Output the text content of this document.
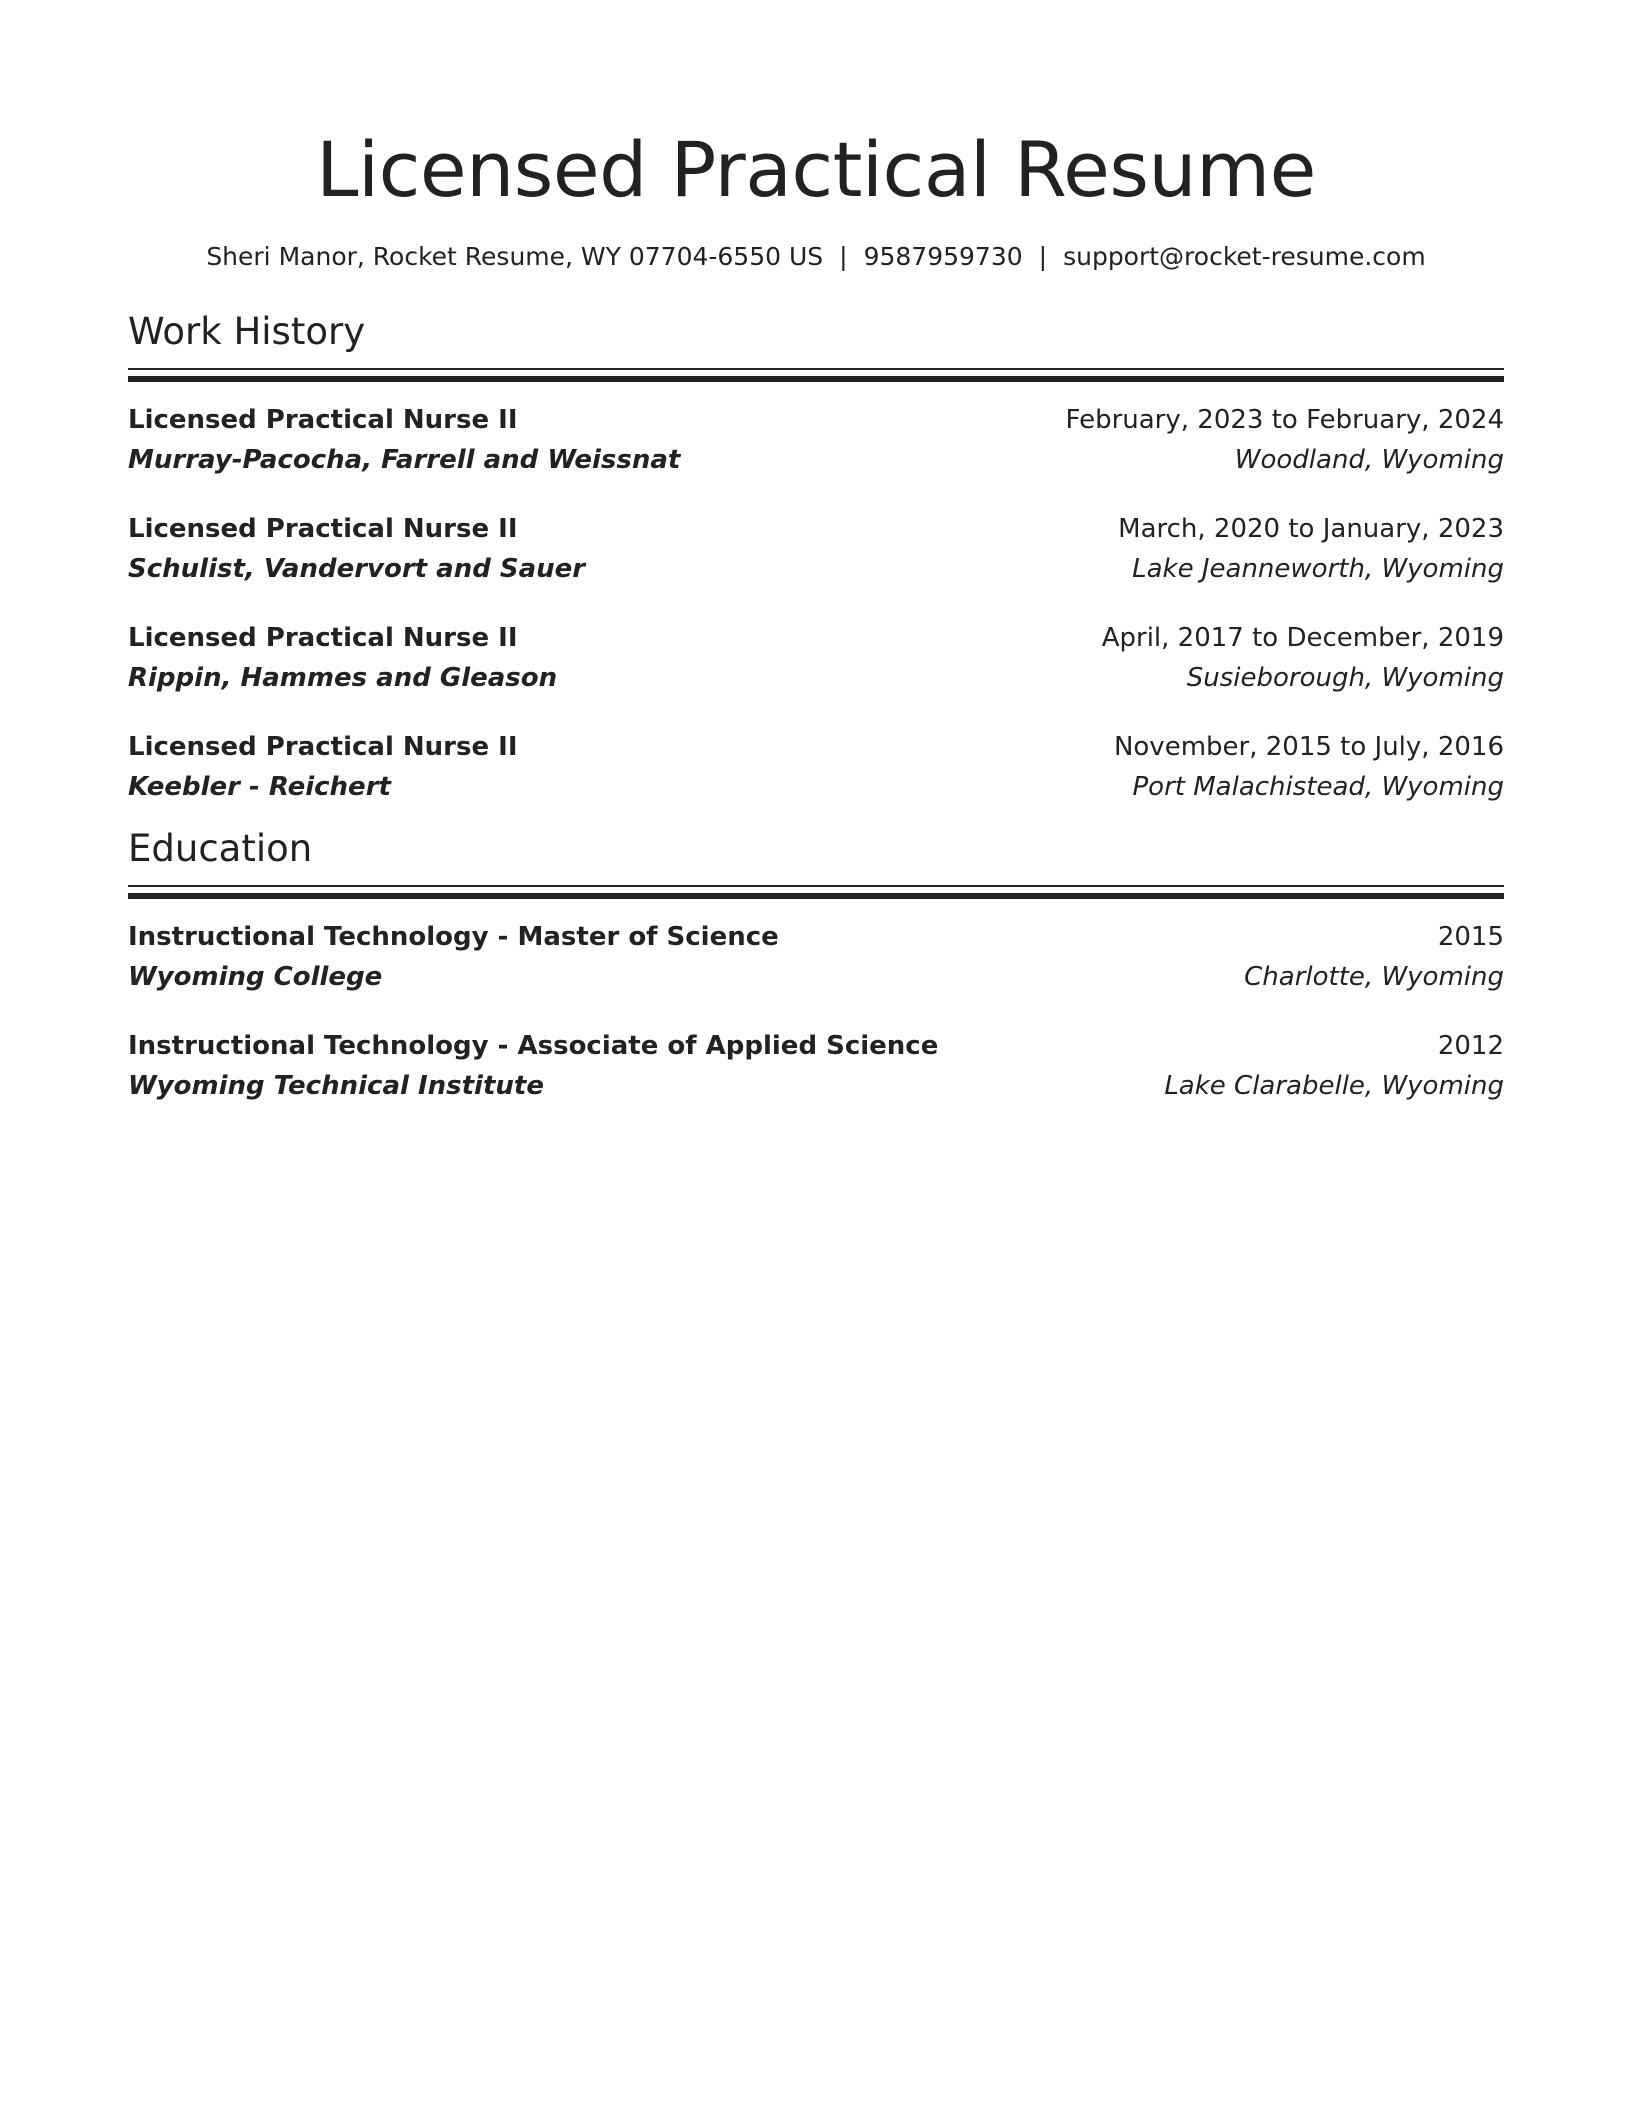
Licensed Practical Resume
Sheri Manor, Rocket Resume, WY 07704-6550 US | 9587959730 | support@rocket-resume.com
Work History
Licensed Practical Nurse II	February, 2023 to February, 2024
Murray-Pacocha, Farrell and Weissnat	Woodland, Wyoming
Licensed Practical Nurse II	March, 2020 to January, 2023
Schulist, Vandervort and Sauer	Lake Jeanneworth, Wyoming
Licensed Practical Nurse II	April, 2017 to December, 2019
Rippin, Hammes and Gleason	Susieborough, Wyoming
Licensed Practical Nurse II	November, 2015 to July, 2016
Keebler - Reichert	Port Malachistead, Wyoming
Education
Instructional Technology - Master of Science	2015
Wyoming College	Charlotte, Wyoming
Instructional Technology - Associate of Applied Science	2012
Wyoming Technical Institute	Lake Clarabelle, Wyoming
